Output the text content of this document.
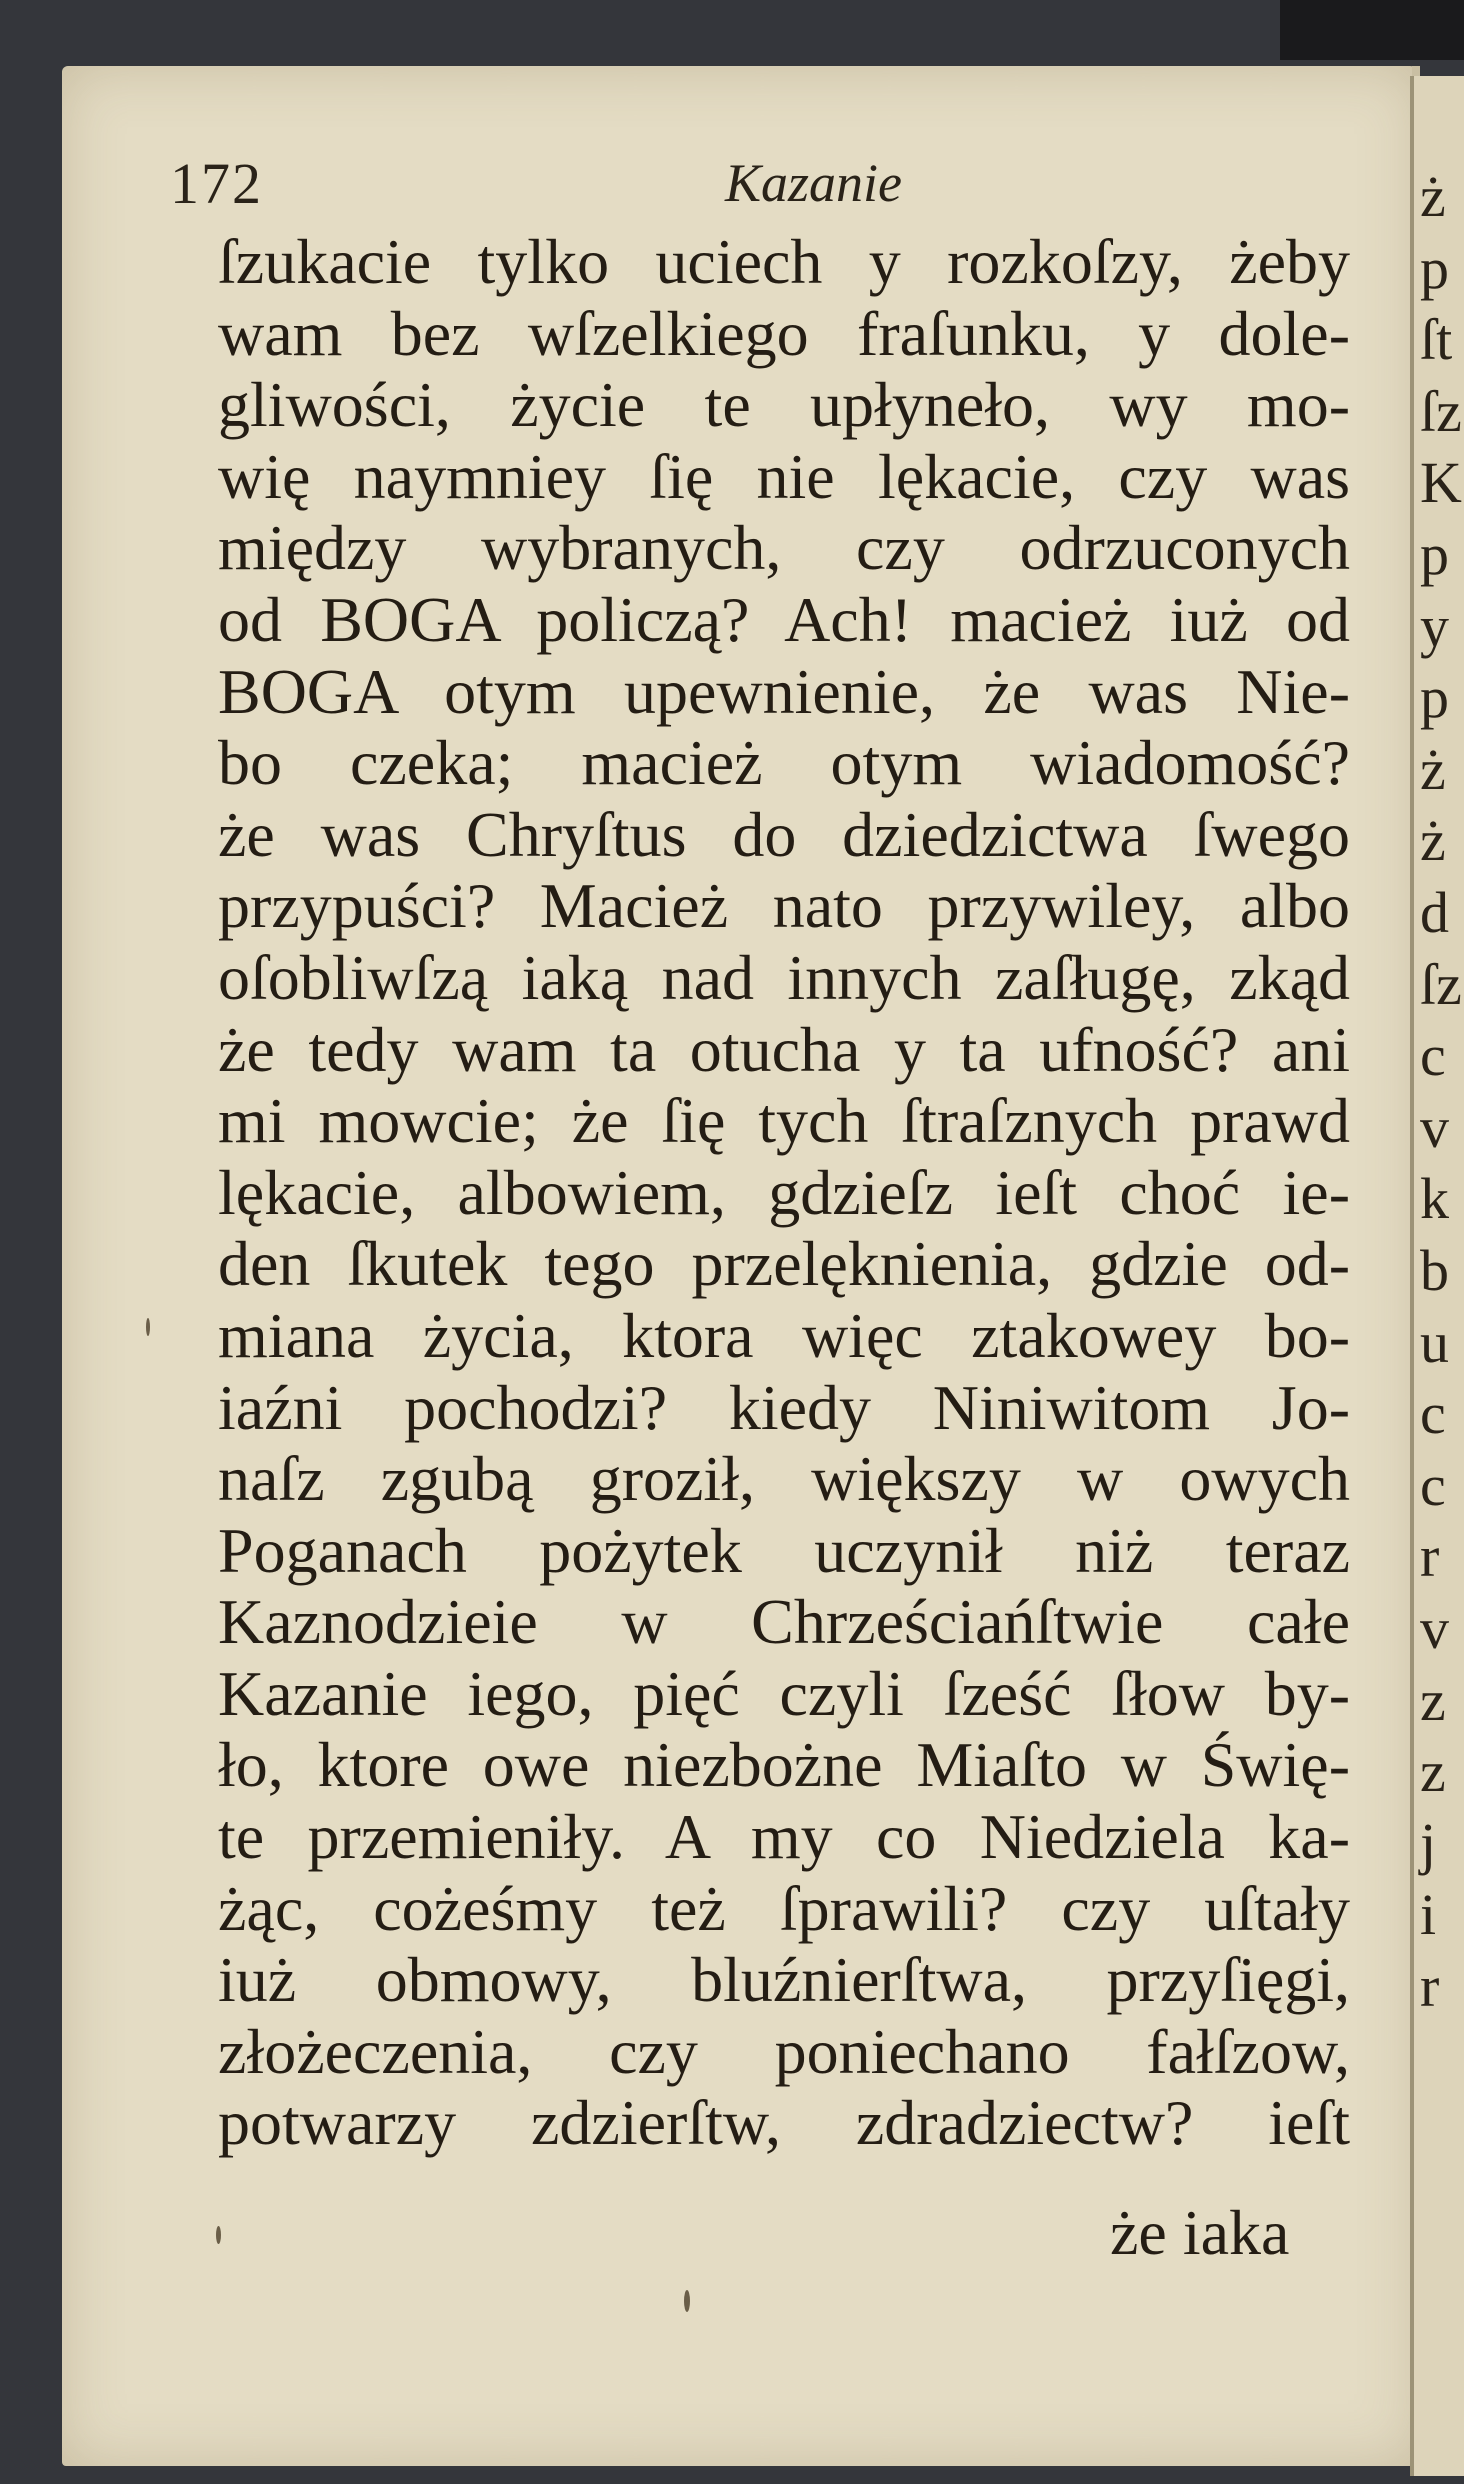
ż
p
ſt
ſz
K
p
y
p
ż
ż
d
ſz
c
v
k
b
u
c
c
r
v
z
z
j
i
r
172	Kazanie
ſzukacie tylko uciech y rozkoſzy, żeby
wam bez wſzelkiego fraſunku, y dole-
gliwości, życie te upłyneło, wy mo-
wię naymniey ſię nie lękacie, czy was
między wybranych, czy odrzuconych
od BOGA policzą? Ach! macież iuż od
BOGA otym upewnienie, że was Nie-
bo czeka; macież otym wiadomość?
że was Chryſtus do dziedzictwa ſwego
przypuści? Macież nato przywiley, albo
oſobliwſzą iaką nad innych zaſługę, zkąd
że tedy wam ta otucha y ta ufność? ani
mi mowcie; że ſię tych ſtraſznych prawd
lękacie, albowiem, gdzieſz ieſt choć ie-
den ſkutek tego przelęknienia, gdzie od-
miana życia, ktora więc ztakowey bo-
iaźni pochodzi? kiedy Niniwitom Jo-
naſz zgubą groził, większy w owych
Poganach pożytek uczynił niż teraz
Kaznodzieie w Chrześciańſtwie całe
Kazanie iego, pięć czyli ſześć ſłow by-
ło, ktore owe niezbożne Miaſto w Świę-
te przemieniły. A my co Niedziela ka-
żąc, cożeśmy też ſprawili? czy uſtały
iuż obmowy, bluźnierſtwa, przyſięgi,
złożeczenia, czy poniechano fałſzow,
potwarzy zdzierſtw, zdradziectw? ieſt
że iaka
